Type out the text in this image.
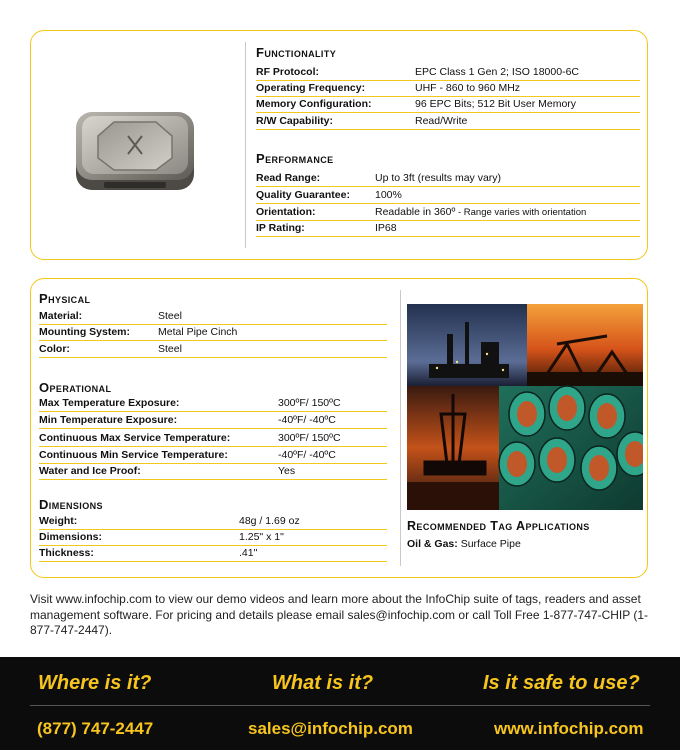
Functionality
RF Protocol:	EPC Class 1 Gen 2; ISO 18000-6C
Operating Frequency:	UHF - 860 to 960 MHz
Memory Configuration:	96 EPC Bits; 512 Bit User Memory
R/W Capability:	Read/Write
Performance
Read Range:	Up to 3ft (results may vary)
Quality Guarantee: 100%
Orientation:	Readable in 360º - Range varies with orientation
IP Rating:	IP68
Physical
Material:	Steel
Mounting System:	Metal Pipe Cinch
Color:	Steel
Operational
Max Temperature Exposure:	300ºF/ 150ºC
Min Temperature Exposure:	-40ºF/ -40ºC
Continuous Max Service Temperature:	300ºF/ 150ºC
Continuous Min Service Temperature:	-40ºF/ -40ºC
Water and Ice Proof:	Yes
Dimensions
Weight:	48g / 1.69 oz
Dimensions:	1.25" x 1"
Thickness:	.41"
Recommended Tag Applications
Oil & Gas: Surface Pipe
Visit www.infochip.com to view our demo videos and learn more about the InfoChip suite of tags, readers and asset management software. For pricing and details please email sales@infochip.com or call Toll Free 1-877-747-CHIP (1-877-747-2447).
Where is it?	What is it?	Is it safe to use?
(877) 747-2447	sales@infochip.com	www.infochip.com
